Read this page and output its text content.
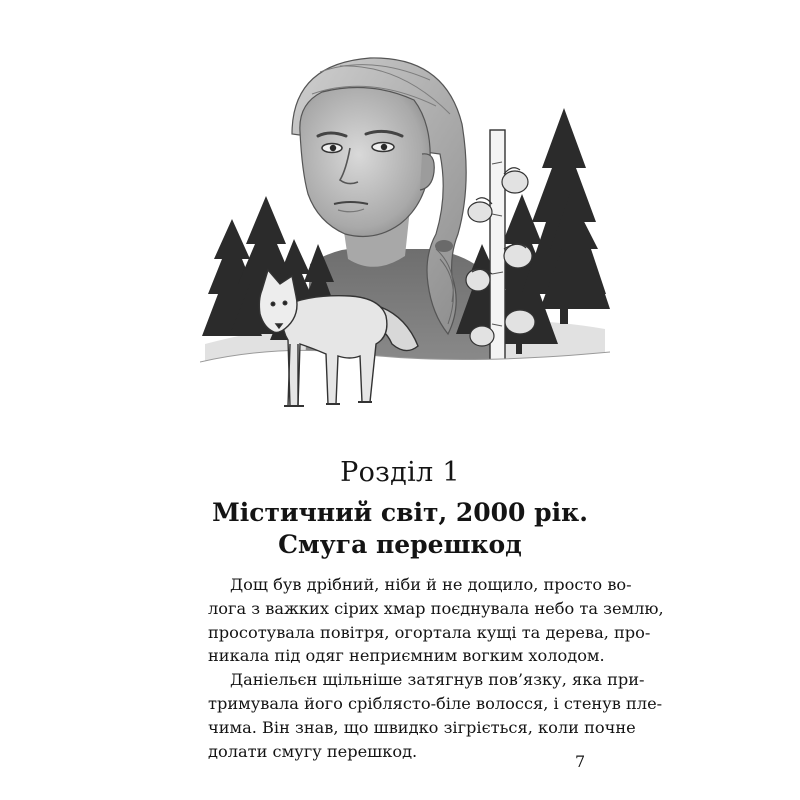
Розділ 1
Містичний світ, 2000 рік.
Смуга перешкод
Дощ був дрібний, ніби й не дощило, просто во-
лога з важких сірих хмар поєднувала небо та землю,
просотувала повітря, огортала кущі та дерева, про-
никала під одяг неприємним вогким холодом.
Даніельєн щільніше затягнув пов’язку, яка при-
тримувала його сріблясто-біле волосся, і стенув пле-
чима. Він знав, що швидко зігріється, коли почне
долати смугу перешкод.
7
